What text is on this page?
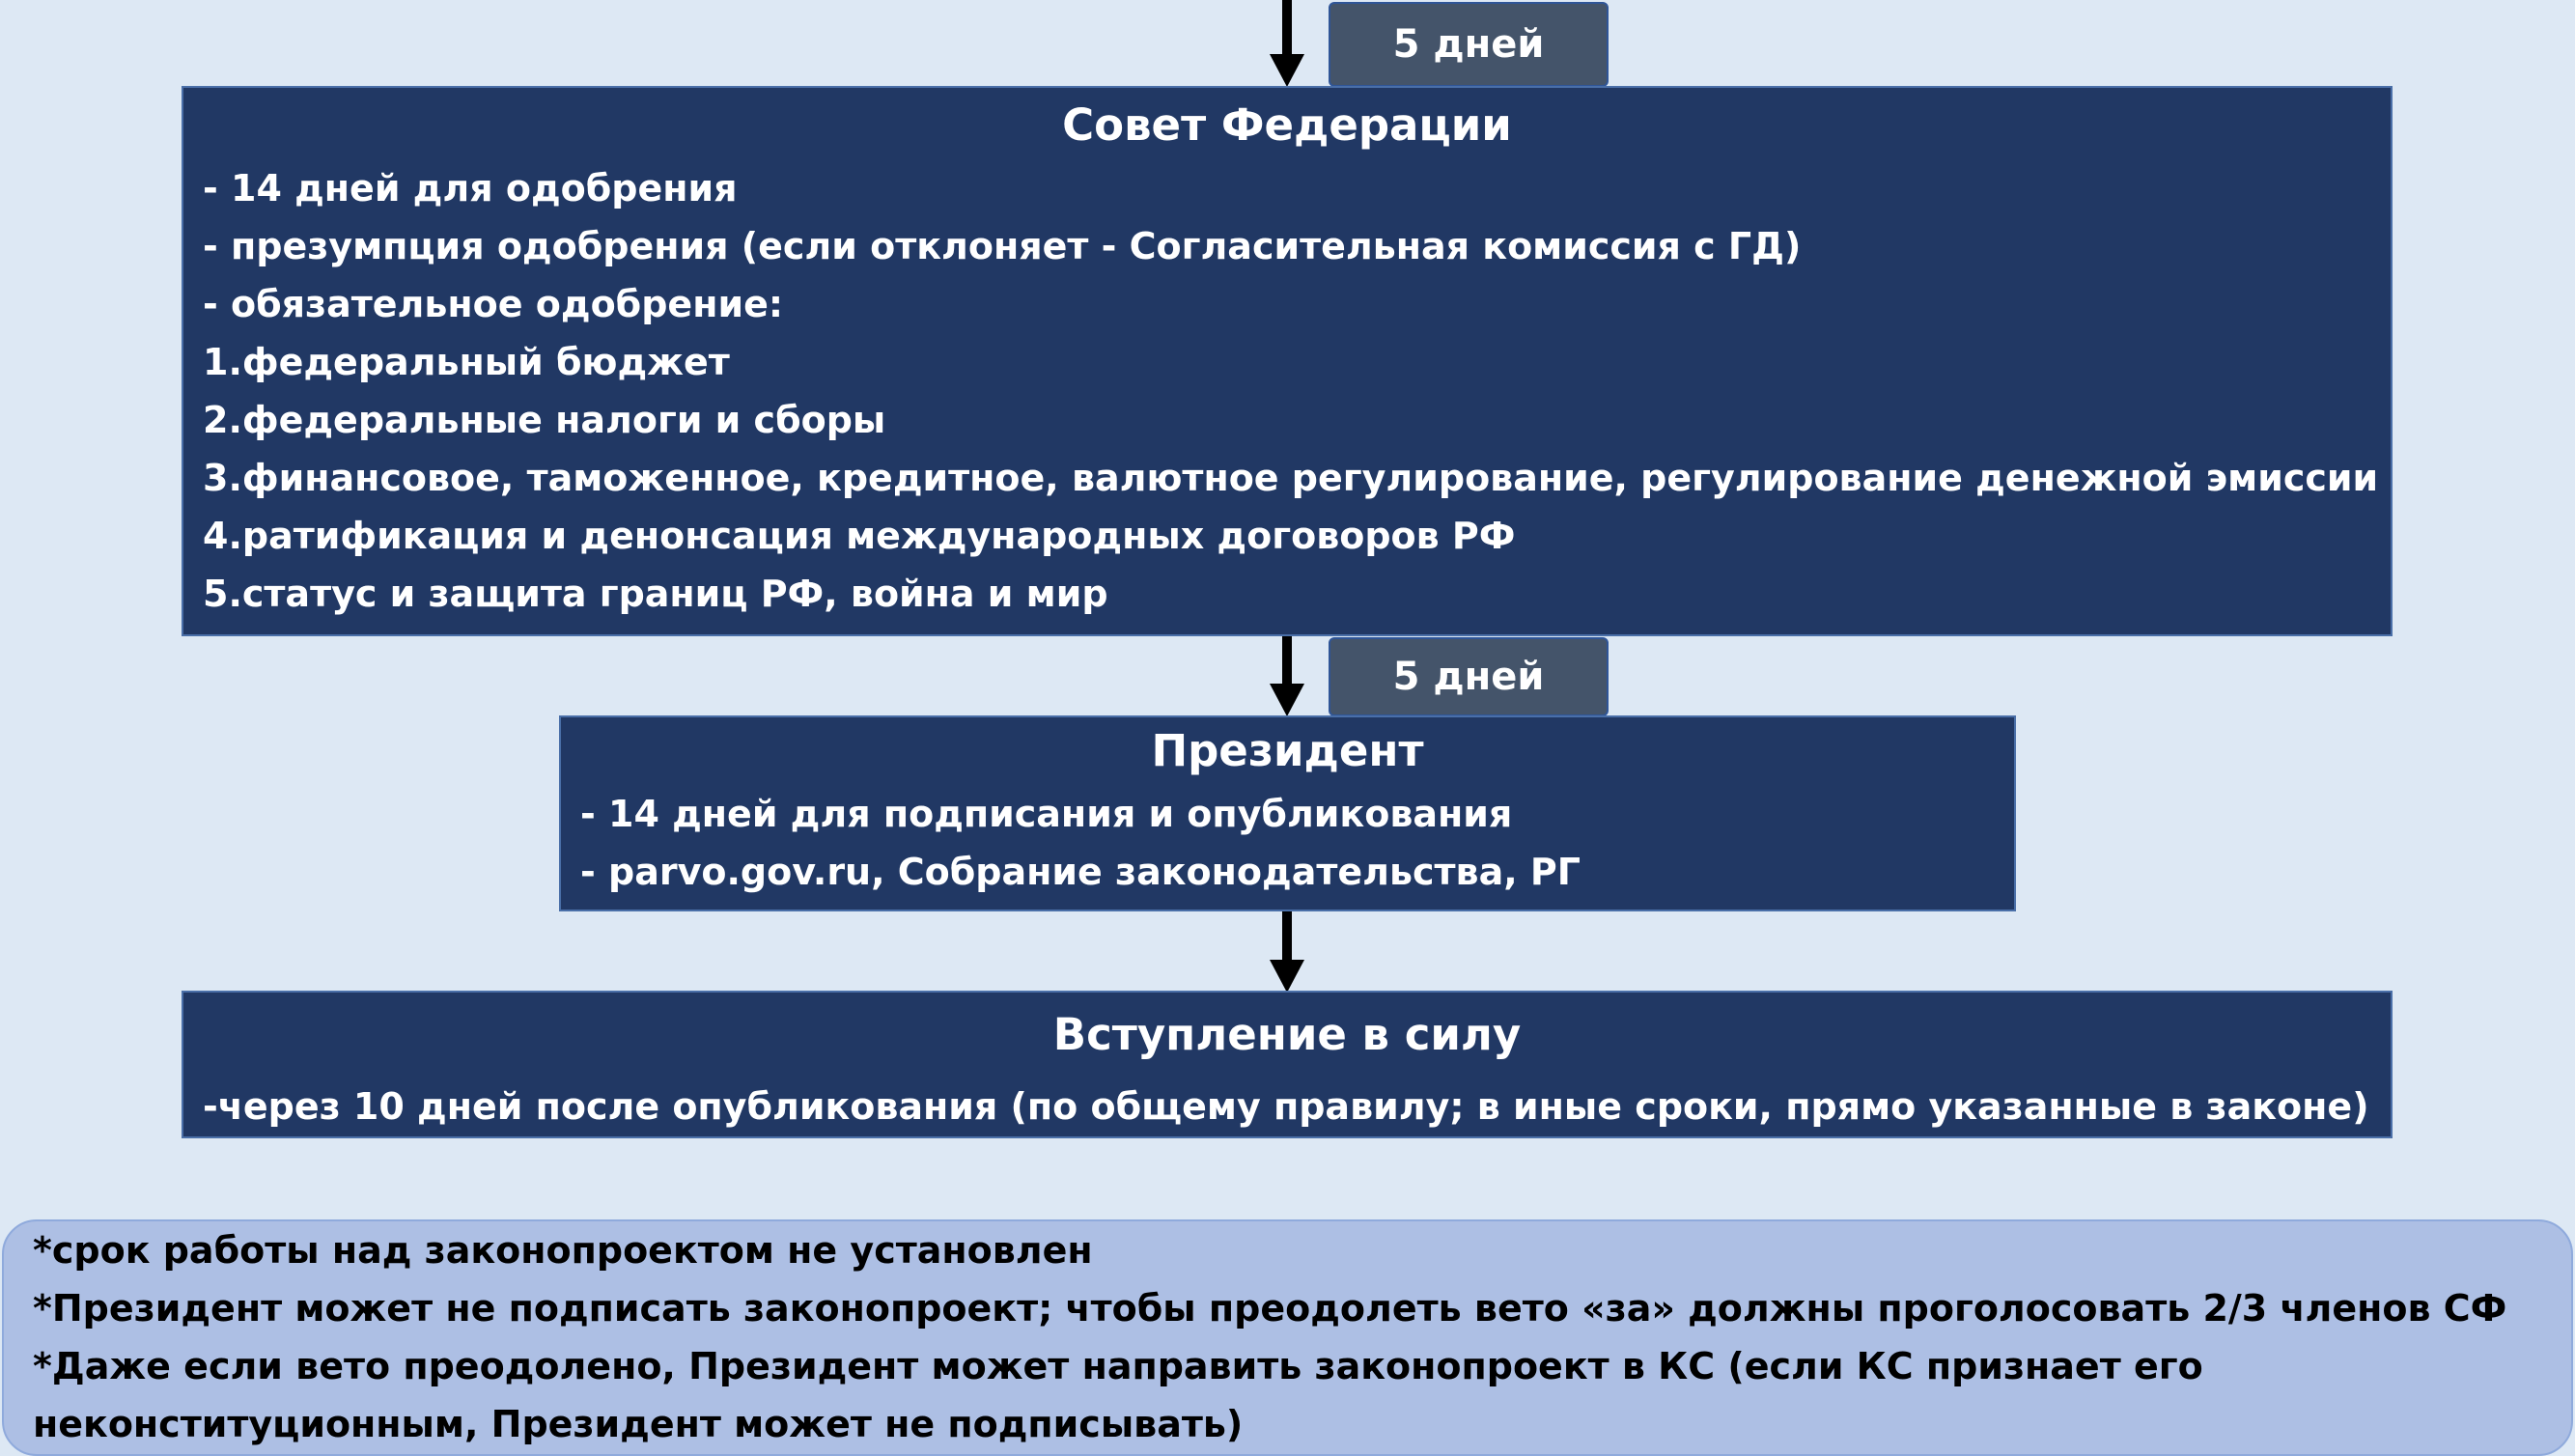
5 дней
5 дней

Совет Федерации

- 14 дней для одобрения

- презумпция одобрения (если отклоняет - Согласительная комиссия с ГД)

- обязательное одобрение:

1.федеральный бюджет

2.федеральные налоги и сборы

3.финансовое, таможенное, кредитное, валютное регулирование, регулирование денежной эмиссии

4.ратификация и денонсация международных договоров РФ

5.статус и защита границ РФ, война и мир

Президент

- 14 дней для подписания и опубликования

- parvo.gov.ru, Собрание законодательства, РГ

Вступление в силу

-через 10 дней после опубликования (по общему правилу; в иные сроки, прямо указанные в законе)

*срок работы над законопроектом не установлен

*Президент может не подписать законопроект; чтобы преодолеть вето «за» должны проголосовать 2/3 членов СФ

*Даже если вето преодолено, Президент может направить законопроект в КС (если КС признает его

неконституционным, Президент может не подписывать)
